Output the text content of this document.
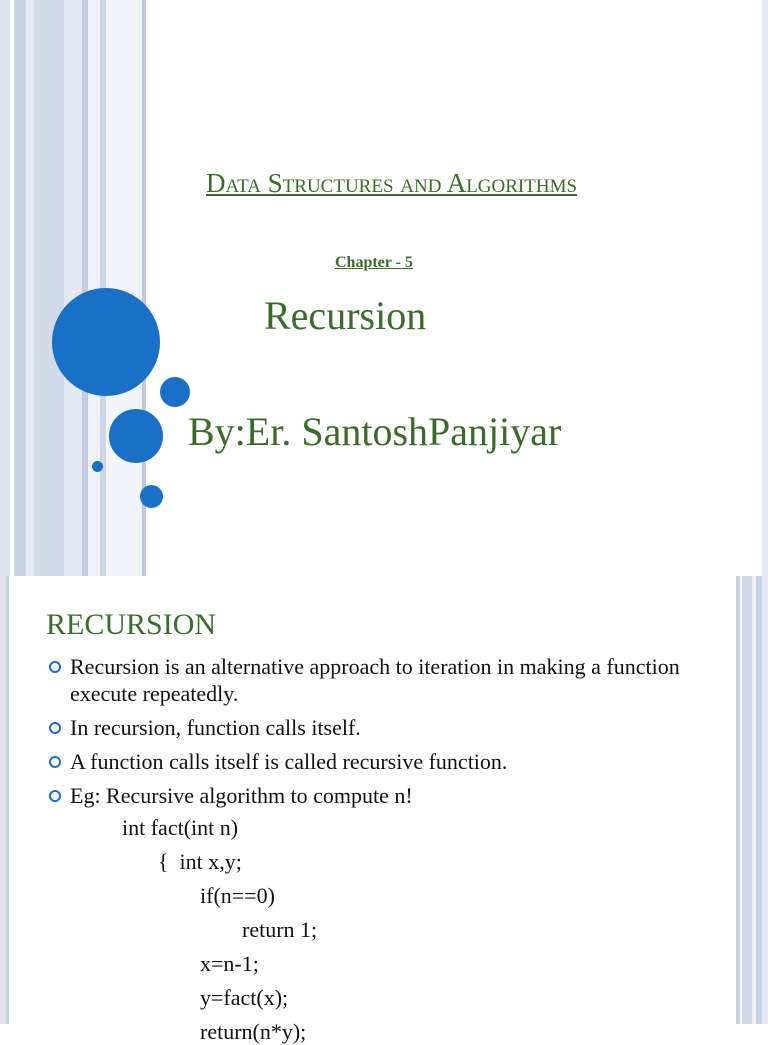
Data Structures and Algorithms
Chapter - 5
Recursion
By:Er. SantoshPanjiyar
RECURSION
Recursion is an alternative approach to iteration in making a function execute repeatedly.
In recursion, function calls itself.
A function calls itself is called recursive function.
Eg: Recursive algorithm to compute n!
int fact(int n)
{  int x,y;
if(n==0)
return 1;
x=n-1;
y=fact(x);
return(n*y);
